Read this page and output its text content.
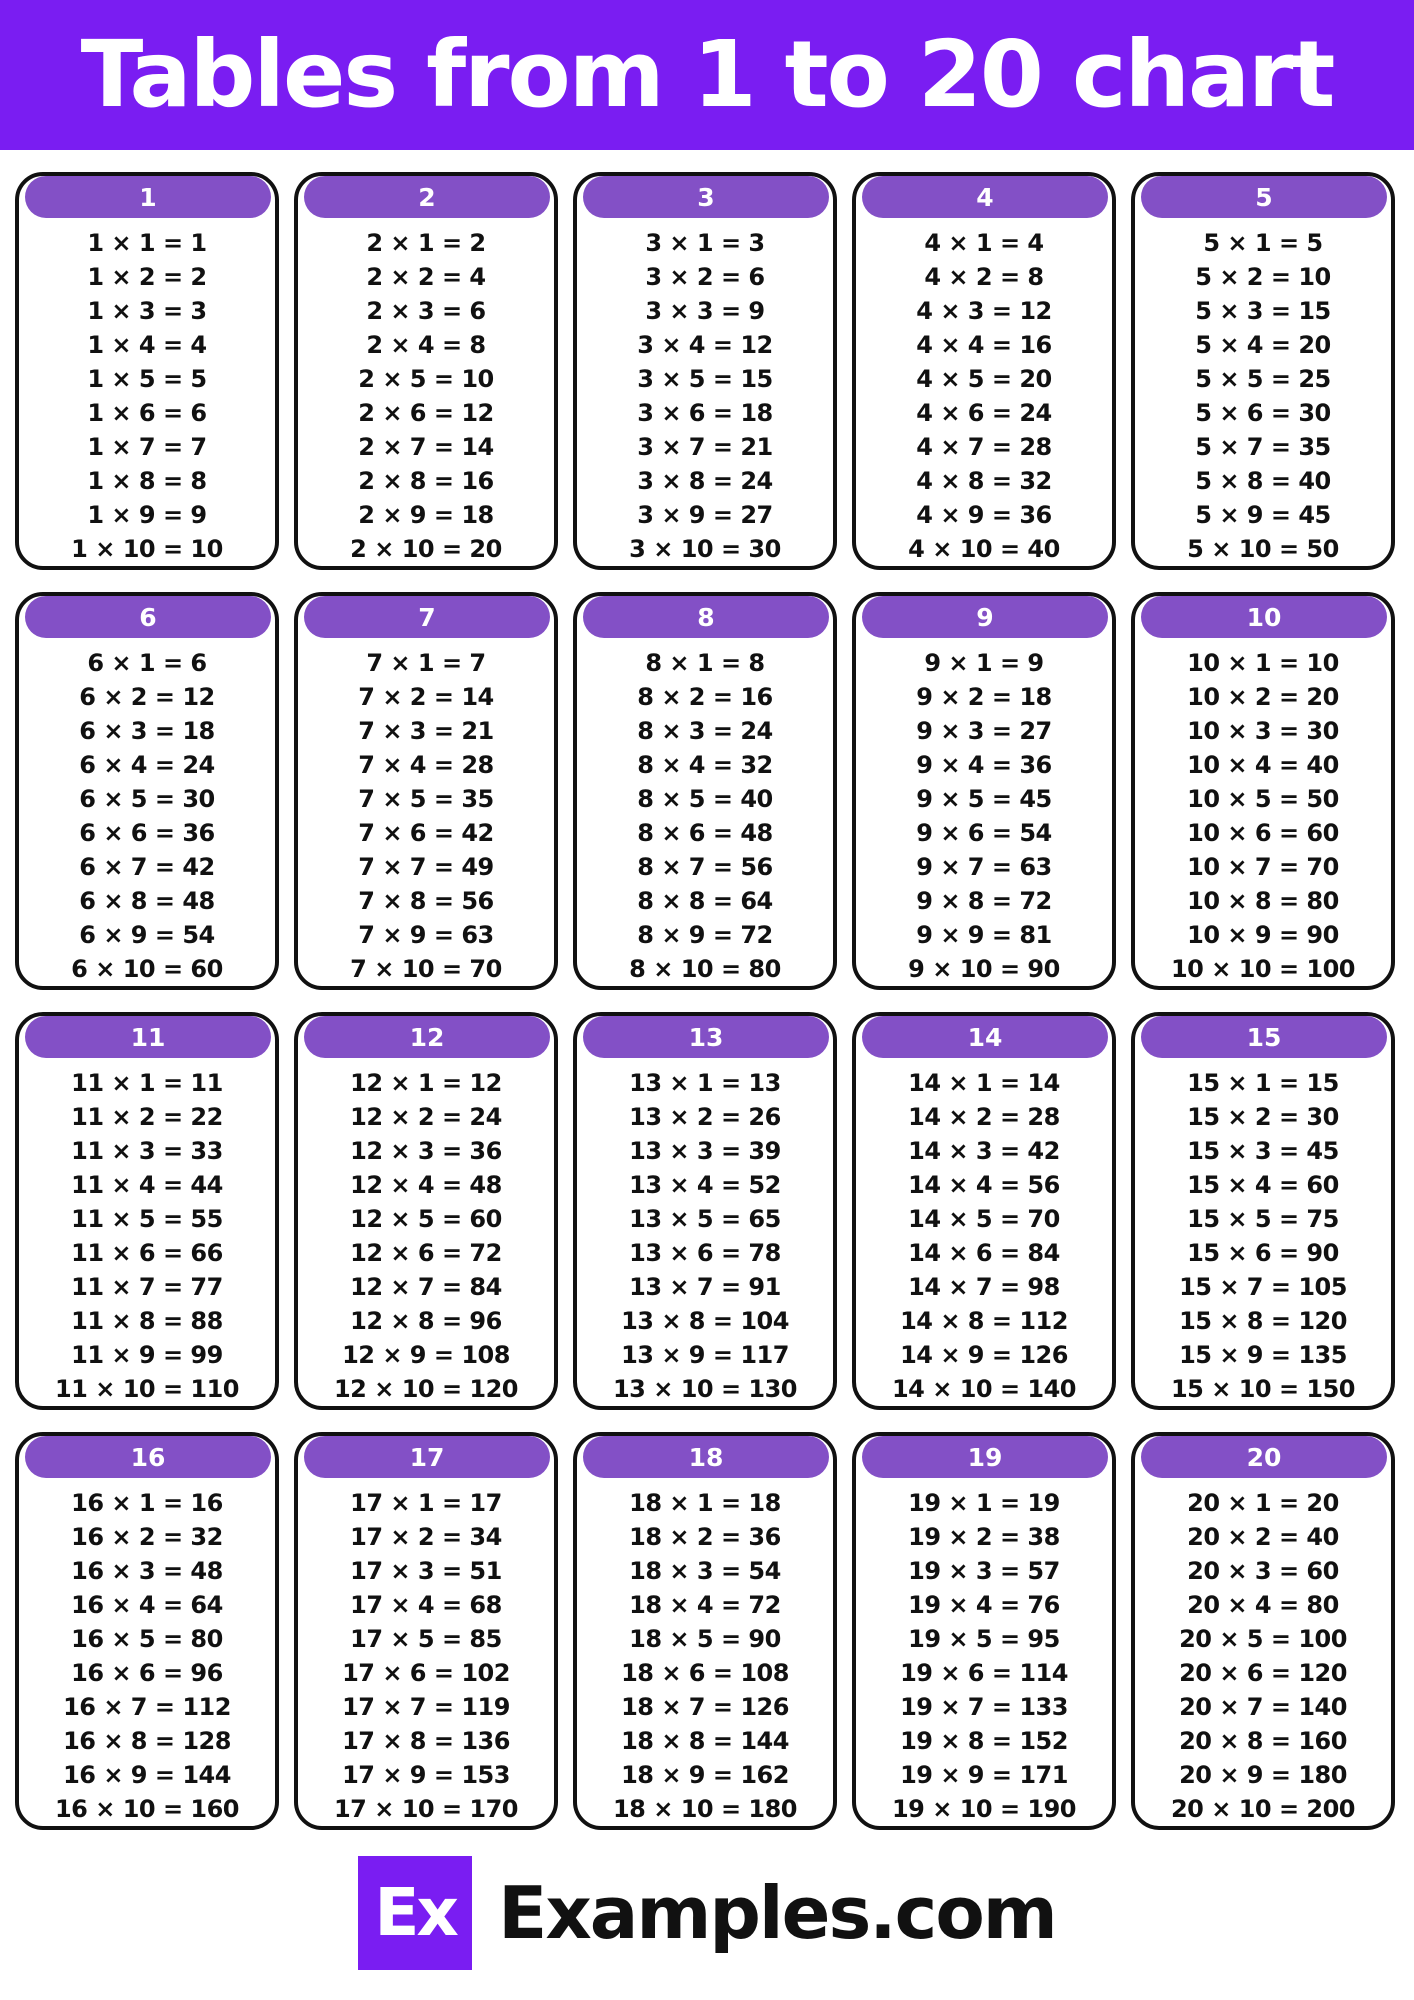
Tables from 1 to 20 chart
1
1 × 1 = 1
1 × 2 = 2
1 × 3 = 3
1 × 4 = 4
1 × 5 = 5
1 × 6 = 6
1 × 7 = 7
1 × 8 = 8
1 × 9 = 9
1 × 10 = 10
2
2 × 1 = 2
2 × 2 = 4
2 × 3 = 6
2 × 4 = 8
2 × 5 = 10
2 × 6 = 12
2 × 7 = 14
2 × 8 = 16
2 × 9 = 18
2 × 10 = 20
3
3 × 1 = 3
3 × 2 = 6
3 × 3 = 9
3 × 4 = 12
3 × 5 = 15
3 × 6 = 18
3 × 7 = 21
3 × 8 = 24
3 × 9 = 27
3 × 10 = 30
4
4 × 1 = 4
4 × 2 = 8
4 × 3 = 12
4 × 4 = 16
4 × 5 = 20
4 × 6 = 24
4 × 7 = 28
4 × 8 = 32
4 × 9 = 36
4 × 10 = 40
5
5 × 1 = 5
5 × 2 = 10
5 × 3 = 15
5 × 4 = 20
5 × 5 = 25
5 × 6 = 30
5 × 7 = 35
5 × 8 = 40
5 × 9 = 45
5 × 10 = 50
6
6 × 1 = 6
6 × 2 = 12
6 × 3 = 18
6 × 4 = 24
6 × 5 = 30
6 × 6 = 36
6 × 7 = 42
6 × 8 = 48
6 × 9 = 54
6 × 10 = 60
7
7 × 1 = 7
7 × 2 = 14
7 × 3 = 21
7 × 4 = 28
7 × 5 = 35
7 × 6 = 42
7 × 7 = 49
7 × 8 = 56
7 × 9 = 63
7 × 10 = 70
8
8 × 1 = 8
8 × 2 = 16
8 × 3 = 24
8 × 4 = 32
8 × 5 = 40
8 × 6 = 48
8 × 7 = 56
8 × 8 = 64
8 × 9 = 72
8 × 10 = 80
9
9 × 1 = 9
9 × 2 = 18
9 × 3 = 27
9 × 4 = 36
9 × 5 = 45
9 × 6 = 54
9 × 7 = 63
9 × 8 = 72
9 × 9 = 81
9 × 10 = 90
10
10 × 1 = 10
10 × 2 = 20
10 × 3 = 30
10 × 4 = 40
10 × 5 = 50
10 × 6 = 60
10 × 7 = 70
10 × 8 = 80
10 × 9 = 90
10 × 10 = 100
11
11 × 1 = 11
11 × 2 = 22
11 × 3 = 33
11 × 4 = 44
11 × 5 = 55
11 × 6 = 66
11 × 7 = 77
11 × 8 = 88
11 × 9 = 99
11 × 10 = 110
12
12 × 1 = 12
12 × 2 = 24
12 × 3 = 36
12 × 4 = 48
12 × 5 = 60
12 × 6 = 72
12 × 7 = 84
12 × 8 = 96
12 × 9 = 108
12 × 10 = 120
13
13 × 1 = 13
13 × 2 = 26
13 × 3 = 39
13 × 4 = 52
13 × 5 = 65
13 × 6 = 78
13 × 7 = 91
13 × 8 = 104
13 × 9 = 117
13 × 10 = 130
14
14 × 1 = 14
14 × 2 = 28
14 × 3 = 42
14 × 4 = 56
14 × 5 = 70
14 × 6 = 84
14 × 7 = 98
14 × 8 = 112
14 × 9 = 126
14 × 10 = 140
15
15 × 1 = 15
15 × 2 = 30
15 × 3 = 45
15 × 4 = 60
15 × 5 = 75
15 × 6 = 90
15 × 7 = 105
15 × 8 = 120
15 × 9 = 135
15 × 10 = 150
16
16 × 1 = 16
16 × 2 = 32
16 × 3 = 48
16 × 4 = 64
16 × 5 = 80
16 × 6 = 96
16 × 7 = 112
16 × 8 = 128
16 × 9 = 144
16 × 10 = 160
17
17 × 1 = 17
17 × 2 = 34
17 × 3 = 51
17 × 4 = 68
17 × 5 = 85
17 × 6 = 102
17 × 7 = 119
17 × 8 = 136
17 × 9 = 153
17 × 10 = 170
18
18 × 1 = 18
18 × 2 = 36
18 × 3 = 54
18 × 4 = 72
18 × 5 = 90
18 × 6 = 108
18 × 7 = 126
18 × 8 = 144
18 × 9 = 162
18 × 10 = 180
19
19 × 1 = 19
19 × 2 = 38
19 × 3 = 57
19 × 4 = 76
19 × 5 = 95
19 × 6 = 114
19 × 7 = 133
19 × 8 = 152
19 × 9 = 171
19 × 10 = 190
20
20 × 1 = 20
20 × 2 = 40
20 × 3 = 60
20 × 4 = 80
20 × 5 = 100
20 × 6 = 120
20 × 7 = 140
20 × 8 = 160
20 × 9 = 180
20 × 10 = 200
Ex Examples.com
